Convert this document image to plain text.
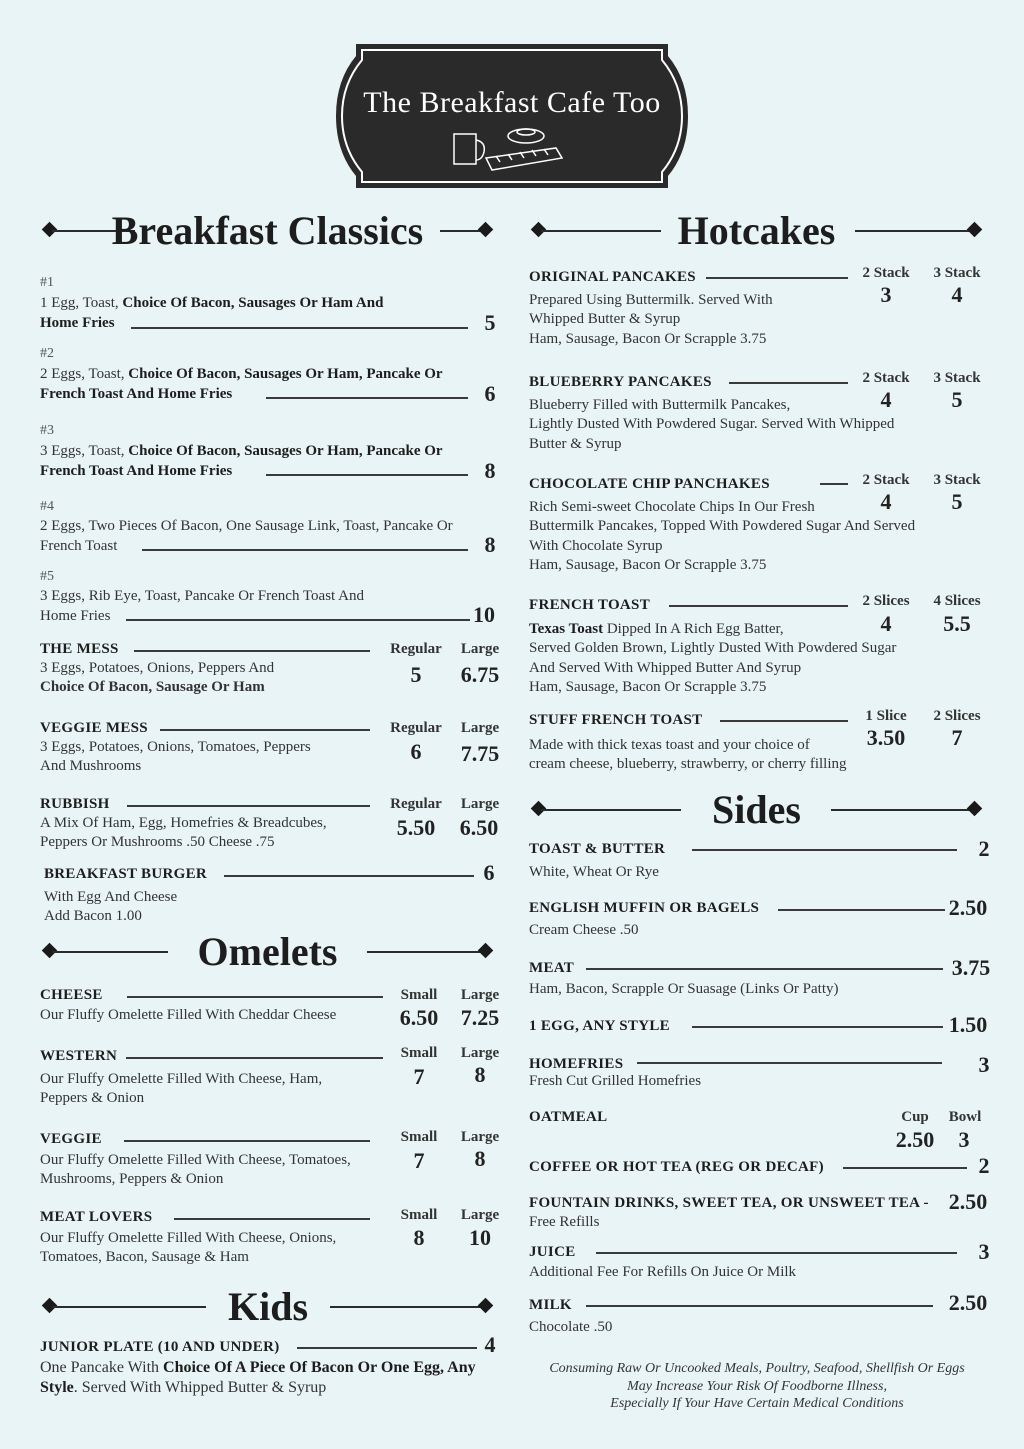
The Breakfast Cafe Too
Breakfast Classics
#1
1 Egg, Toast, Choice Of Bacon, Sausages Or Ham And
Home Fries	5
#2
2 Eggs, Toast, Choice Of Bacon, Sausages Or Ham, Pancake Or
French Toast And Home Fries	6
#3
3 Eggs, Toast, Choice Of Bacon, Sausages Or Ham, Pancake Or
French Toast And Home Fries	8
#4
2 Eggs, Two Pieces Of Bacon, One Sausage Link, Toast, Pancake Or
French Toast	8
#5
3 Eggs, Rib Eye, Toast, Pancake Or French Toast And
Home Fries	10
THE MESS	Regular	Large
3 Eggs, Potatoes, Onions, Peppers And
Choice Of Bacon, Sausage Or Ham	5	6.75
VEGGIE MESS	Regular	Large
3 Eggs, Potatoes, Onions, Tomatoes, Peppers
And Mushrooms
6	7.75
RUBBISH	Regular	Large
A Mix Of Ham, Egg, Homefries & Breadcubes,
Peppers Or Mushrooms .50 Cheese .75
5.50	6.50
BREAKFAST BURGER	6
With Egg And Cheese
Add Bacon 1.00
Omelets
CHEESE	Small	Large
Our Fluffy Omelette Filled With Cheddar Cheese	6.50	7.25
WESTERN	Small	Large
Our Fluffy Omelette Filled With Cheese, Ham,
Peppers & Onion
7	8
VEGGIE	Small	Large
Our Fluffy Omelette Filled With Cheese, Tomatoes,
Mushrooms, Peppers & Onion
7	8
MEAT LOVERS	Small	Large
Our Fluffy Omelette Filled With Cheese, Onions,
Tomatoes, Bacon, Sausage & Ham
8	10
Kids
JUNIOR PLATE (10 AND UNDER)	4
One Pancake With Choice Of A Piece Of Bacon Or One Egg, Any
Style. Served With Whipped Butter & Syrup
Hotcakes
ORIGINAL PANCAKES	2 Stack	3 Stack
3	4
Prepared Using Buttermilk. Served With
Whipped Butter & Syrup
Ham, Sausage, Bacon Or Scrapple 3.75
BLUEBERRY PANCAKES	2 Stack	3 Stack
4	5
Blueberry Filled with Buttermilk Pancakes,
Lightly Dusted With Powdered Sugar. Served With Whipped
Butter & Syrup
CHOCOLATE CHIP PANCHAKES	2 Stack	3 Stack
4	5
Rich Semi-sweet Chocolate Chips In Our Fresh
Buttermilk Pancakes, Topped With Powdered Sugar And Served
With Chocolate Syrup
Ham, Sausage, Bacon Or Scrapple 3.75
FRENCH TOAST	2 Slices	4 Slices
4	5.5
Texas Toast Dipped In A Rich Egg Batter,
Served Golden Brown, Lightly Dusted With Powdered Sugar
And Served With Whipped Butter And Syrup
Ham, Sausage, Bacon Or Scrapple 3.75
STUFF FRENCH TOAST	1 Slice	2 Slices
3.50	7
Made with thick texas toast and your choice of
cream cheese, blueberry, strawberry, or cherry filling
Sides
TOAST & BUTTER	2
White, Wheat Or Rye
ENGLISH MUFFIN OR BAGELS	2.50
Cream Cheese .50
MEAT	3.75
Ham, Bacon, Scrapple Or Suasage (Links Or Patty)
1 EGG, ANY STYLE	1.50
HOMEFRIES	3
Fresh Cut Grilled Homefries
OATMEAL	Cup	Bowl
2.50	3
COFFEE OR HOT TEA (REG OR DECAF)	2
FOUNTAIN DRINKS, SWEET TEA, OR UNSWEET TEA - 2.50
Free Refills
JUICE	3
Additional Fee For Refills On Juice Or Milk
MILK	2.50
Chocolate .50
Consuming Raw Or Uncooked Meals, Poultry, Seafood, Shellfish Or Eggs
May Increase Your Risk Of Foodborne Illness,
Especially If Your Have Certain Medical Conditions
